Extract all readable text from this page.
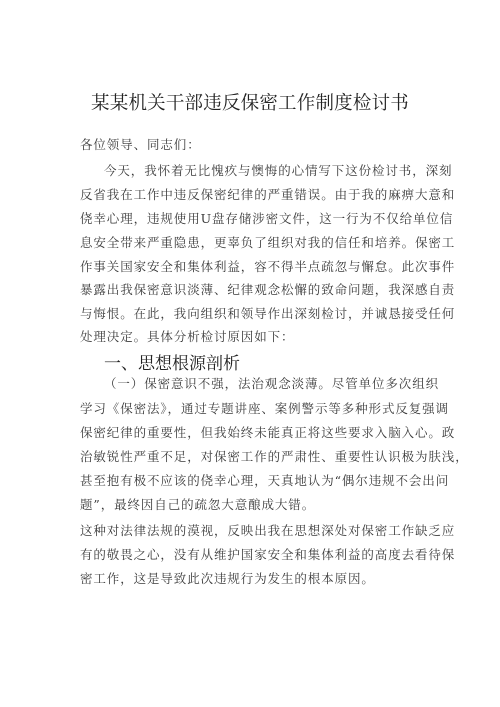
某某机关干部违反保密工作制度检讨书
各位领导、同志们：
今天，我怀着无比愧疚与懊悔的心情写下这份检讨书，深刻
反省我在工作中违反保密纪律的严重错误。由于我的麻痹大意和
侥幸心理，违规使用U盘存储涉密文件，这一行为不仅给单位信
息安全带来严重隐患，更辜负了组织对我的信任和培养。保密工
作事关国家安全和集体利益，容不得半点疏忽与懈怠。此次事件
暴露出我保密意识淡薄、纪律观念松懈的致命问题，我深感自责
与悔恨。在此，我向组织和领导作出深刻检讨，并诚恳接受任何
处理决定。具体分析检讨原因如下：
一、思想根源剖析
（一）保密意识不强，法治观念淡薄。尽管单位多次组织
学习《保密法》，通过专题讲座、案例警示等多种形式反复强调
保密纪律的重要性，但我始终未能真正将这些要求入脑入心。政
治敏锐性严重不足，对保密工作的严肃性、重要性认识极为肤浅，
甚至抱有极不应该的侥幸心理，天真地认为“偶尔违规不会出问
题”，最终因自己的疏忽大意酿成大错。
这种对法律法规的漠视，反映出我在思想深处对保密工作缺乏应
有的敬畏之心，没有从维护国家安全和集体利益的高度去看待保
密工作，这是导致此次违规行为发生的根本原因。
